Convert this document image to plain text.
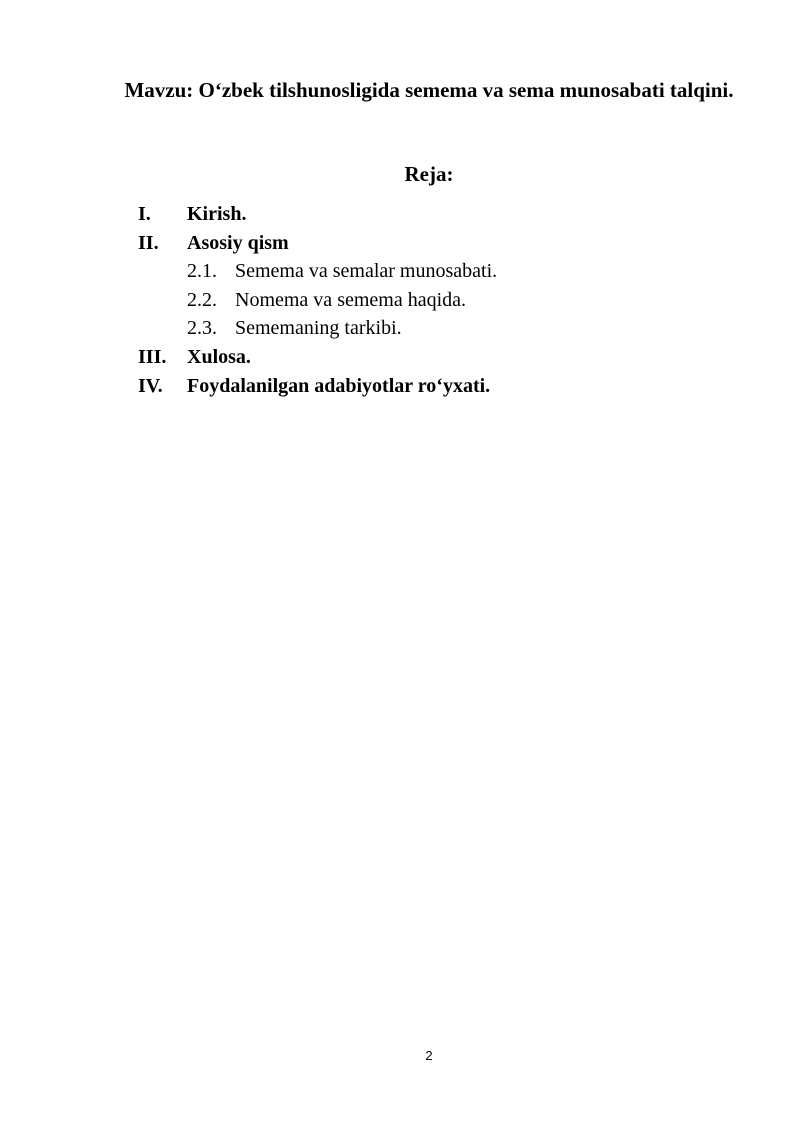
Mavzu: O‘zbek tilshunosligida semema va sema munosabati talqini.
Reja:
I. Kirish.
II. Asosiy qism
2.1. Semema va semalar munosabati.
2.2. Nomema va semema haqida.
2.3. Sememaning tarkibi.
III. Xulosa.
IV. Foydalanilgan adabiyotlar ro‘yxati.
2
